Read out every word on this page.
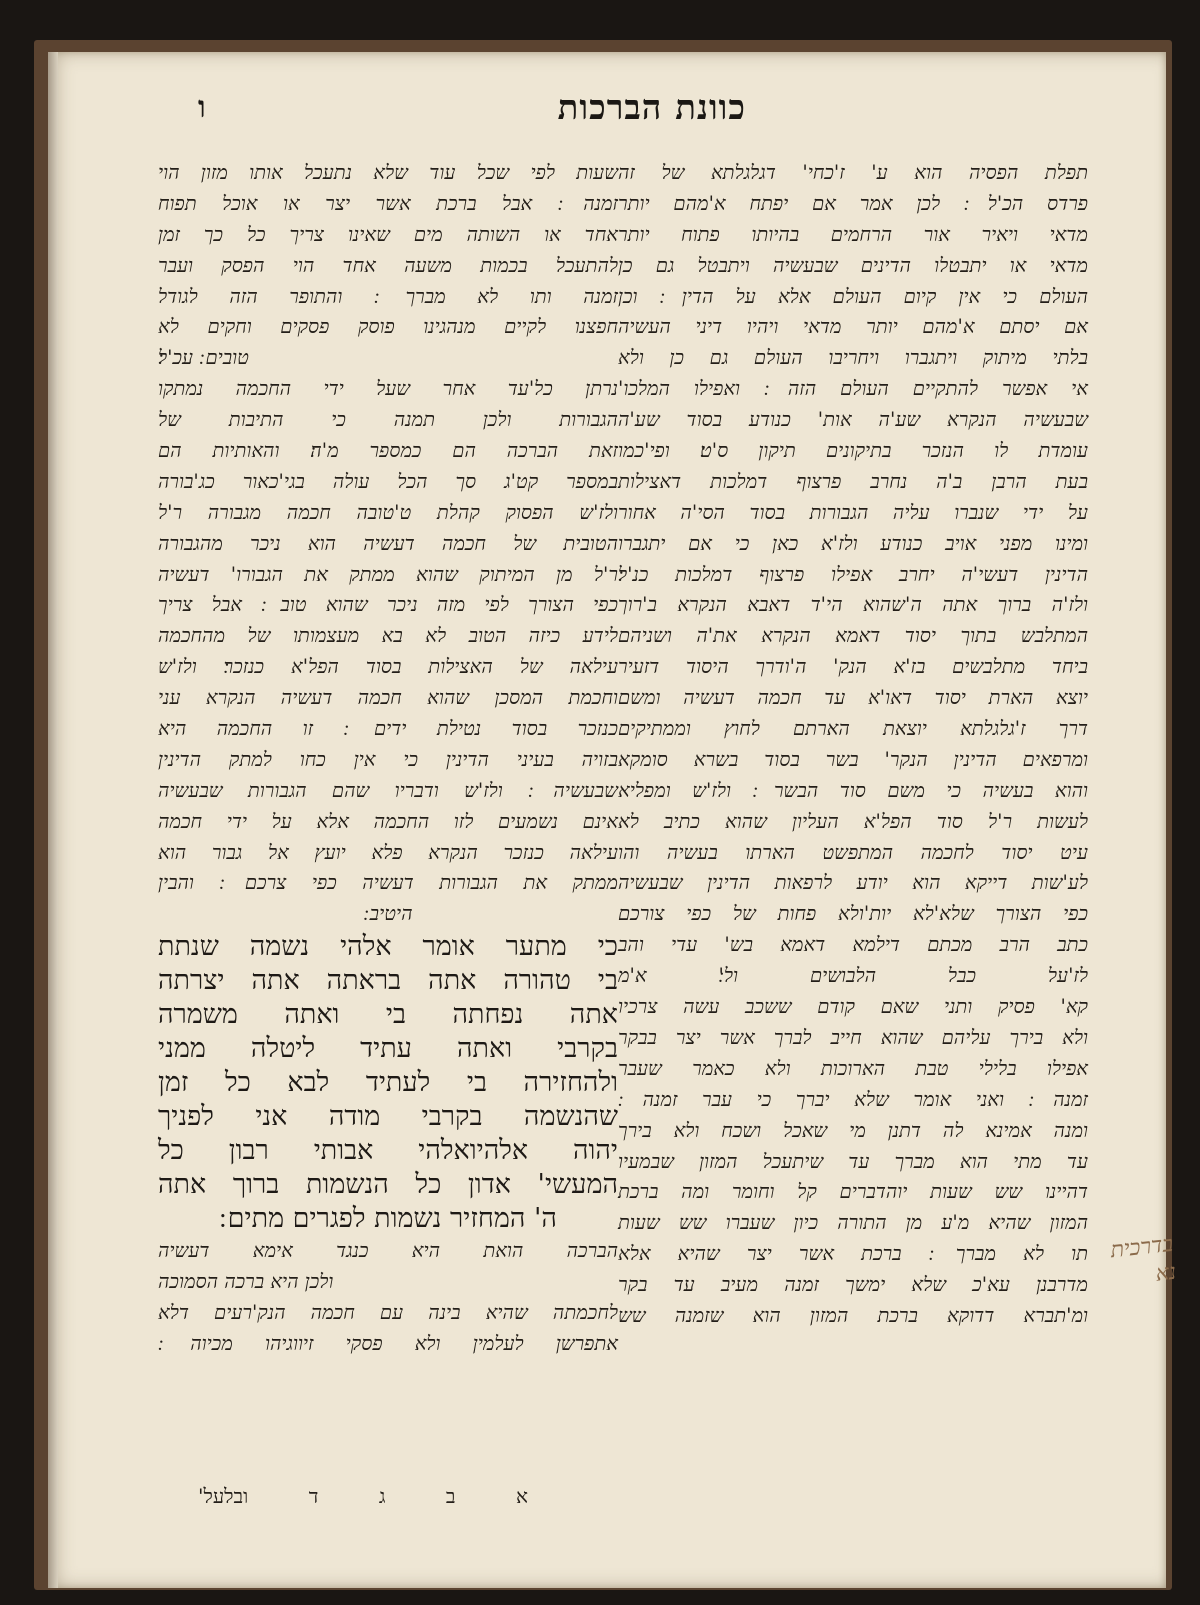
ו	כוונת הברכות
תפלת הפסיה הוא ע' ז'כחי' דגלגלתא של זה
פרדס הכ'ל ׃ לכן אמר אם יפתח א'מהם יותר
מדאי ויאיר אור הרחמים בהיותו פתוח יותר
מדאי או יתבטלו הדינים שבעשיה ויתבטל גם כן
העולם כי אין קיום העולם אלא על הדין ׃ וכן
אם יסתם א'מהם יותר מדאי ויהיו דיני העשיה
בלתי מיתוק ויתגברו ויחריבו העולם גם כן ולא
אי אפשר להתקיים העולם הזה ׃ ואפילו המלכו'
שבעשיה הנקרא שע'ה אות' כנודע בסוד שע'ה
עומדת לו הנזכר בתיקונים תיקון ס'ט׃ ופי'כמו
בעת הרבן ב'ה נחרב פרצוף דמלכות דאצילות
על ידי שנברו עליה הגבורות בסוד הסי'ה אחור
ומינו מפני אויב כנודע ולז'א כאן כי אם יתגברו
הדינין דעשי'ה יחרב אפילו פרצוף דמלכות כנ'ל׃
ולז'ה ברוך אתה ה'שהוא הי'ד דאבא הנקרא ב'רוך
המתלבש בתוך יסוד דאמא הנקרא את'ה ושניהם
ביחד מתלבשים בז'א הנק' ה'ודרך היסוד דזעיר
יוצא הארת יסוד דאו'א עד חכמה דעשיה ומשם
דרך ז'גלגלתא יוצאת הארתם לחוץ וממתיקים
ומרפאים הדינין הנקר' בשר בסוד בשרא סומקא
והוא בעשיה כי משם סוד הבשר ׃ ולז'ש ומפליא
לעשות ר'ל סוד הפל'א העליון שהוא כתיב לא
עיט יסוד לחכמה המתפשט הארתו בעשיה והו
לע'שות דייקא הוא יודע לרפאות הדינין שבעשיה
כפי הצורך שלא'לא יות'ולא פחות של כפי צורכם
כתב הרב מכתם דילמא דאמא בש' עדי והב
לז'על כבל הלבושים ול'׃ א'מ
קא' פסיק ותני שאם קודם ששכב עשה צרכיו
ולא בירך עליהם שהוא חייב לברך אשר יצר בבקר
אפילו בלילי טבת הארוכות ולא כאמר שעבר
זמנה ׃ ואני אומר שלא יברך כי עבר זמנה ׃
ומנה אמינא לה דתנן מי שאכל ושכח ולא בירך
עד מתי הוא מברך עד שיתעכל המזון שבמעיו
דהיינו שש שעות יוהדברים קל וחומר ומה ברכת
המזון שהיא מ'ע מן התורה כיון שעברו שש שעות
תו לא מברך ׃ ברכת אשר יצר שהיא אלא
מדרבנן עא'כ שלא ימשך זמנה מעיב עד בקר
ומ'תברא דדוקא ברכת המזון הוא שזמנה שש
שעות לפי שכל עוד שלא נתעכל אותו מזון הוי
זמנה ׃ אבל ברכת אשר יצר או אוכל תפוח
אחד או השותה מים שאינו צריך כל כך זמן
להתעכל בכמות משעה אחד הוי הפסק ועבר
זמנה ותו לא מברך ׃ והתופר הזה לגודל
חפצנו לקיים מנהגינו פוסק פסקים וחקים לא
טובים ׃ עכ'ל׃
נרתן כל'עד אחר שעל ידי החכמה נמתקו
הגבורות ולכן תמנה כי התיבות של
זאת הברכה הם כמספר מ'ה׃ והאותיות הם
במספר קט'ג סך הכל עולה בגי'כאור כג'בורה
ולז'ש הפסוק קהלת ט'טובה חכמה מגבורה ר'ל
הטובית של חכמה דעשיה הוא ניכר מהגבורה
ר'ל מן המיתוק שהוא ממתק את הגבורו' דעשיה
כפי הצורך לפי מזה ניכר שהוא טוב ׃ אבל צריך
לידע כיזה הטוב לא בא מעצמותו של מהחכמה
עילאה של האצילות בסוד הפל'א כנזכר׃ ולז'ש
וחכמת המסכן שהוא חכמה דעשיה הנקרא עני
כנזכר בסוד נטילת ידים ׃ זו החכמה היא
בזויה בעיני הדינין כי אין כחו למתק הדינין
שבעשיה ׃ ולז'ש ודבריו שהם הגבורות שבעשיה
אינם נשמעים לזו החכמה אלא על ידי חכמה
עילאה כנזכר הנקרא פלא יועץ אל גבור הוא
ממתק את הגבורות דעשיה כפי צרכם ׃ והבין
היטיב ׃
כי מתער אומר אלהי נשמה שנתת
בי טהורה אתה בראתה אתה יצרתה
אתה נפחתה בי ואתה משמרה
בקרבי ואתה עתיד ליטלה ממני
ולהחזירה בי לעתיד לבא כל זמן
שהנשמה בקרבי מודה אני לפניך
יהוה אלהיואלהי אבותי רבון כל
המעשי' אדון כל הנשמות ברוך אתה
ה' המחזיר נשמות לפגרים מתים ׃
הברכה הואת היא כנגד אימא דעשיה
ולכן היא ברכה הסמוכה
לחכמתה שהיא בינה עם חכמה הנק'רעים דלא
אתפרשן לעלמין ולא פסקי זיווגיהו מכיוה ׃
א
ב
ג
ד
ובלעל'
בדרכית
נא
